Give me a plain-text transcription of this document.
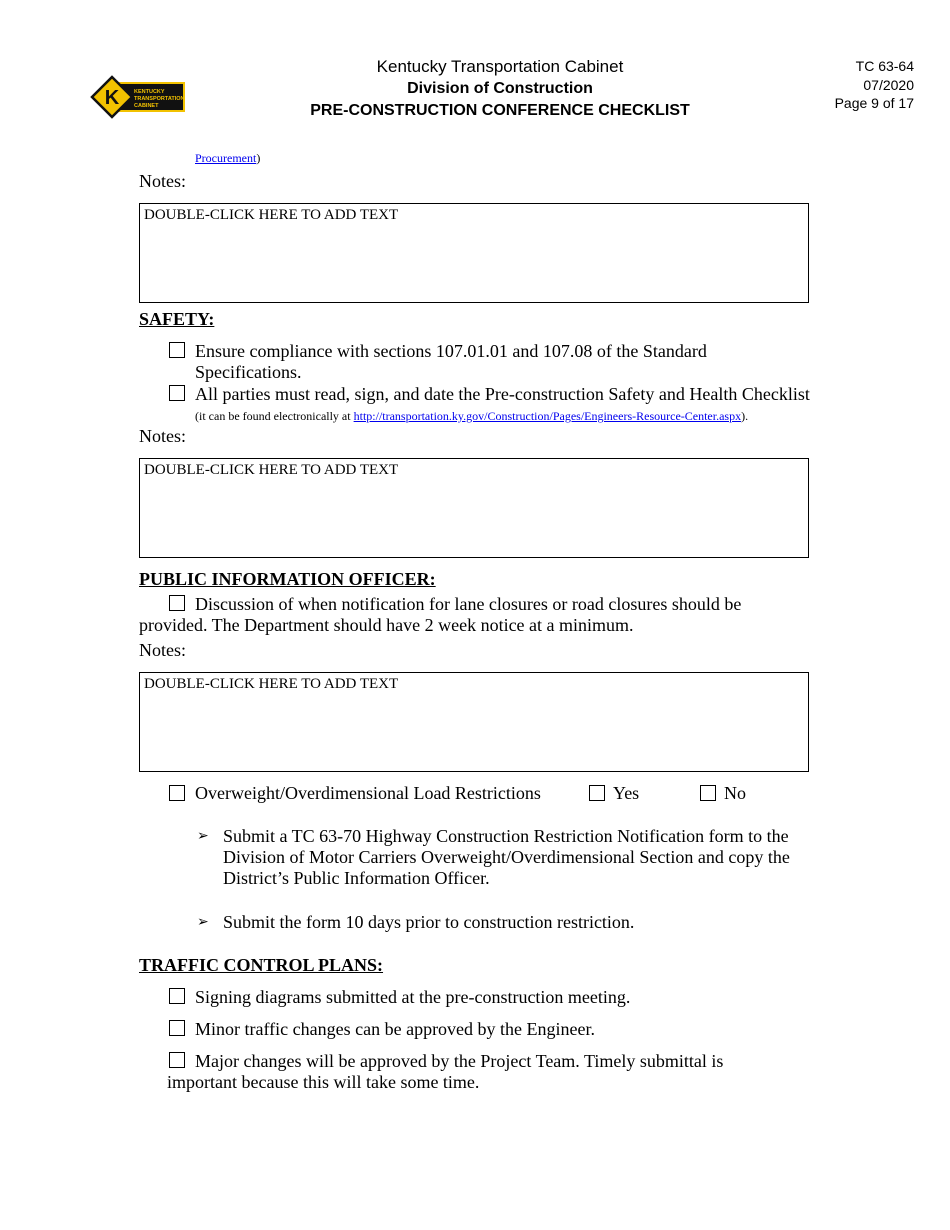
K	KENTUCKY
TRANSPORTATION
CABINET
Kentucky Transportation Cabinet
Division of Construction
PRE-CONSTRUCTION CONFERENCE CHECKLIST
TC 63-64
07/2020
Page 9 of 17
Procurement)
Notes:
DOUBLE-CLICK HERE TO ADD TEXT
SAFETY:
Ensure compliance with sections 107.01.01 and 107.08 of the Standard
Specifications.
All parties must read, sign, and date the Pre-construction Safety and Health Checklist
(it can be found electronically at http://transportation.ky.gov/Construction/Pages/Engineers-Resource-Center.aspx).
Notes:
DOUBLE-CLICK HERE TO ADD TEXT
PUBLIC INFORMATION OFFICER:
Discussion of when notification for lane closures or road closures should be
provided. The Department should have 2 week notice at a minimum.
Notes:
DOUBLE-CLICK HERE TO ADD TEXT
Overweight/Overdimensional Load Restrictions	Yes	No
➢ Submit a TC 63-70 Highway Construction Restriction Notification form to the
Division of Motor Carriers Overweight/Overdimensional Section and copy the
District’s Public Information Officer.
➢ Submit the form 10 days prior to construction restriction.
TRAFFIC CONTROL PLANS:
Signing diagrams submitted at the pre-construction meeting.
Minor traffic changes can be approved by the Engineer.
Major changes will be approved by the Project Team. Timely submittal is
important because this will take some time.
